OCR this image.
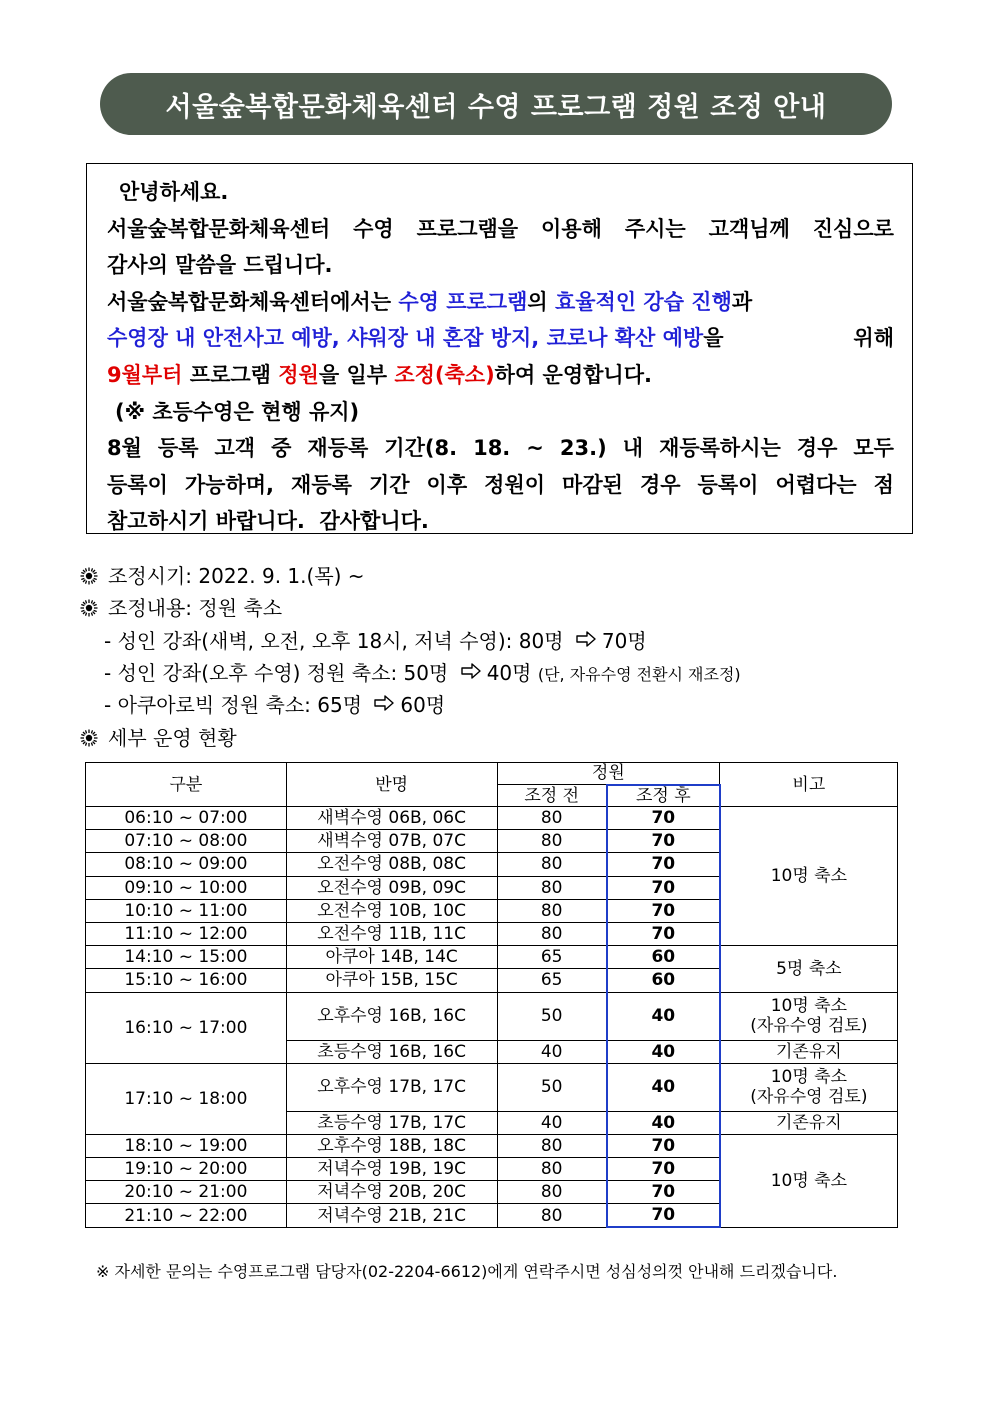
서울숲복합문화체육센터 수영 프로그램 정원 조정 안내
안녕하세요.
서울숲복합문화체육센터 수영 프로그램을 이용해 주시는 고객님께 진심으로
감사의 말씀을 드립니다.
서울숲복합문화체육센터에서는 수영 프로그램의 효율적인 강습 진행과
수영장 내 안전사고 예방, 샤워장 내 혼잡 방지, 코로나 확산 예방을	위해
9월부터 프로그램 정원을 일부 조정(축소)하여 운영합니다.
(※ 초등수영은 현행 유지)
8월 등록 고객 중 재등록 기간(8. 18. ~ 23.) 내 재등록하시는 경우 모두
등록이 가능하며, 재등록 기간 이후 정원이 마감된 경우 등록이 어렵다는 점
참고하시기 바랍니다.  감사합니다.
조정시기: 2022. 9. 1.(목) ~
조정내용: 정원 축소
- 성인 강좌(새벽, 오전, 오후 18시, 저녁 수영): 80명 70명
- 성인 강좌(오후 수영) 정원 축소: 50명 40명 (단, 자유수영 전환시 재조정)
- 아쿠아로빅 정원 축소: 65명 60명
세부 운영 현황
구분	반명	정원		비고
		조정 전	조정 후	
06:10 ~ 07:00	새벽수영 06B, 06C	80	70	10명 축소
07:10 ~ 08:00	새벽수영 07B, 07C	80	70	
08:10 ~ 09:00	오전수영 08B, 08C	80	70	
09:10 ~ 10:00	오전수영 09B, 09C	80	70	
10:10 ~ 11:00	오전수영 10B, 10C	80	70	
11:10 ~ 12:00	오전수영 11B, 11C	80	70	
14:10 ~ 15:00	아쿠아 14B, 14C	65	60	5명 축소
15:10 ~ 16:00	아쿠아 15B, 15C	65	60	
16:10 ~ 17:00	오후수영 16B, 16C	50	40	10명 축소
(자유수영 검토)
	초등수영 16B, 16C	40	40	기존유지
17:10 ~ 18:00	오후수영 17B, 17C	50	40	10명 축소
(자유수영 검토)
	초등수영 17B, 17C	40	40	기존유지
18:10 ~ 19:00	오후수영 18B, 18C	80	70	10명 축소
19:10 ~ 20:00	저녁수영 19B, 19C	80	70	
20:10 ~ 21:00	저녁수영 20B, 20C	80	70	
21:10 ~ 22:00	저녁수영 21B, 21C	80	70	
※ 자세한 문의는 수영프로그램 담당자(02-2204-6612)에게 연락주시면 성심성의껏 안내해 드리겠습니다.
